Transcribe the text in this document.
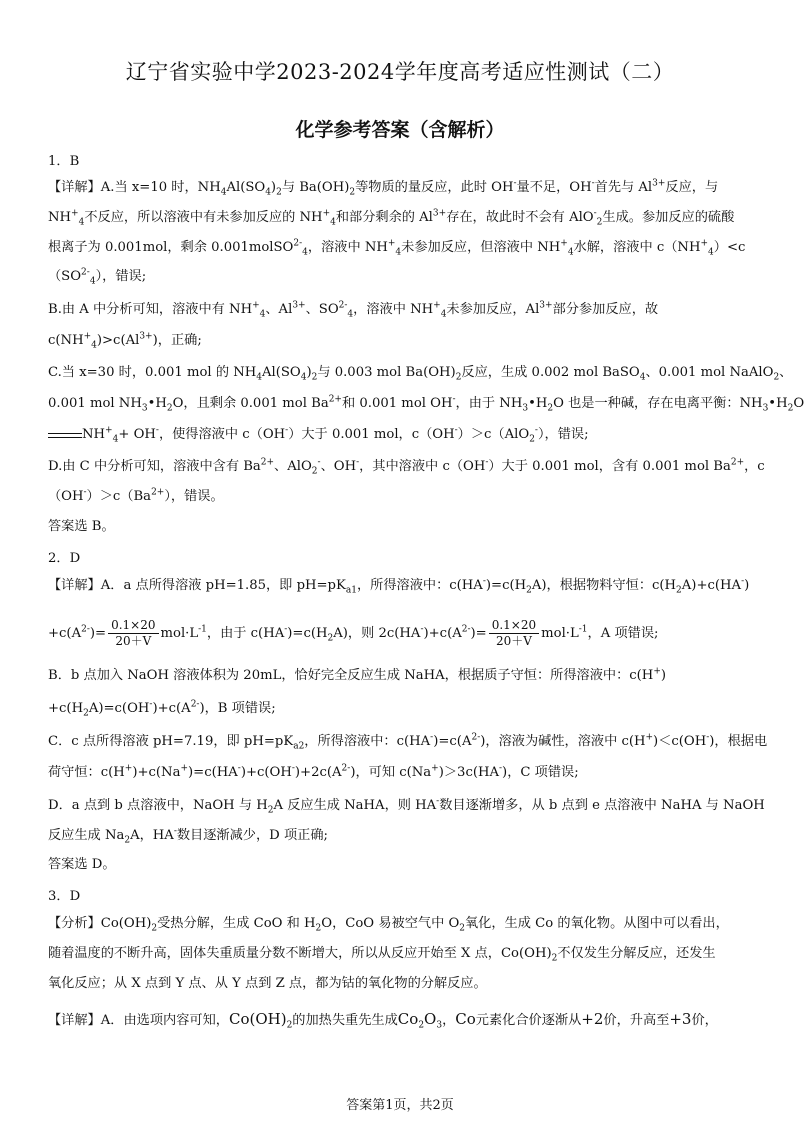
辽宁省实验中学2023-2024学年度高考适应性测试（二）
化学参考答案（含解析）
1．B
【详解】A.当 x=10 时，$NH_4Al(SO_4)_2$与 $Ba(OH)_2$等物质的量反应，此时 OH-量不足，OH-首先与 $Al^{3+}$反应，与
$NH^+_4$不反应，所以溶液中有未参加反应的 $NH^+_4$和部分剩余的 $Al^{3+}$存在，故此时不会有 AlO-$_2$生成。参加反应的硫酸
根离子为 0.001mol，剩余 0.001molSO$^{2-}_4$，溶液中 $NH^+_4$未参加反应，但溶液中 $NH^+_4$水解，溶液中 $c(NH^+_4)<c$
$(SO^{2-}_4)$，错误;
B.由 A 中分析可知，溶液中有 $NH^+_4$、$Al^{3+}$、$SO^{2-}_4$，溶液中 $NH^+_4$未参加反应，$Al^{3+}$部分参加反应，故
$c(NH^+_4)>c(Al^{3+})$，正确;
C.当 x=30 时，0.001 mol 的 $NH_4Al(SO_4)_2$与 0.003 mol $Ba(OH)_2$反应，生成 0.002 mol BaSO$_4$、0.001 mol NaAlO$_2$、
0.001 mol $NH_3•H_2O$，且剩余 0.001 mol $Ba^{2+}$和 0.001 mol OH-，由于 $NH_3•H_2O$ 也是一种碱，存在电离平衡：$NH_3•H_2O$
$NH^+_4+ OH^-$，使得溶液中 c（OH-）大于 0.001 mol，c（OH-）＞c（AlO$_2$-），错误;
D.由 C 中分析可知，溶液中含有 $Ba^{2+}$、AlO$_2$-、OH-，其中溶液中 c（OH-）大于 0.001 mol，含有 0.001 mol $Ba^{2+}$，c
$(OH^-)>c(Ba^{2+})$，错误。
答案选 B。
2．D
【详解】A．a 点所得溶液 pH=1.85，即 $pH=pK_{a1}$，所得溶液中：$c(HA^-)=c(H_2A)$，根据物料守恒：$c(H_2A)+c(HA^-)$
$+c(A^{2-})= \frac{0.1\times 20}{20+V} mol\cdot L^{-1}$，由于 $c(HA^-)=c(H_2A)$，则 $2c(HA^-)+c(A^{2-})= \frac{0.1\times 20}{20+V} mol\cdot L^{-1}$，A 项错误;
B．b 点加入 NaOH 溶液体积为 20mL，恰好完全反应生成 NaHA，根据质子守恒：所得溶液中：c(H+)
$+c(H_2A)=c(OH^-)+c(A^{2-})$，B 项错误;
C．c 点所得溶液 pH=7.19，即 $pH=pK_{a2}$，所得溶液中：$c(HA^-)=c(A^{2-})$，溶液为碱性，溶液中 c(H+)＜c(OH-)，根据电
荷守恒：$c(H^+)+c(Na^+)=c(HA^-)+c(OH^-)+2c(A^{2-})$，可知 c(Na+)＞3c(HA-)，C 项错误;
D．a 点到 b 点溶液中，NaOH 与 $H_2A$ 反应生成 NaHA，则 HA-数目逐渐增多，从 b 点到 e 点溶液中 NaHA 与 NaOH
反应生成 $Na_2A$，HA-数目逐渐减少，D 项正确;
答案选 D。
3．D
【分析】$Co(OH)_2$受热分解，生成 CoO 和 $H_2O$，CoO 易被空气中 $O_2$氧化，生成 Co 的氧化物。从图中可以看出，
随着温度的不断升高，固体失重质量分数不断增大，所以从反应开始至 X 点，$Co(OH)_2$不仅发生分解反应，还发生
氧化反应；从 X 点到 Y 点、从 Y 点到 Z 点，都为钴的氧化物的分解反应。
【详解】A．由选项内容可知，$Co(OH)_2$的加热失重先生成$Co_2O_3$，Co元素化合价逐渐从+2价，升高至+3价，
答案第1页，共2页
